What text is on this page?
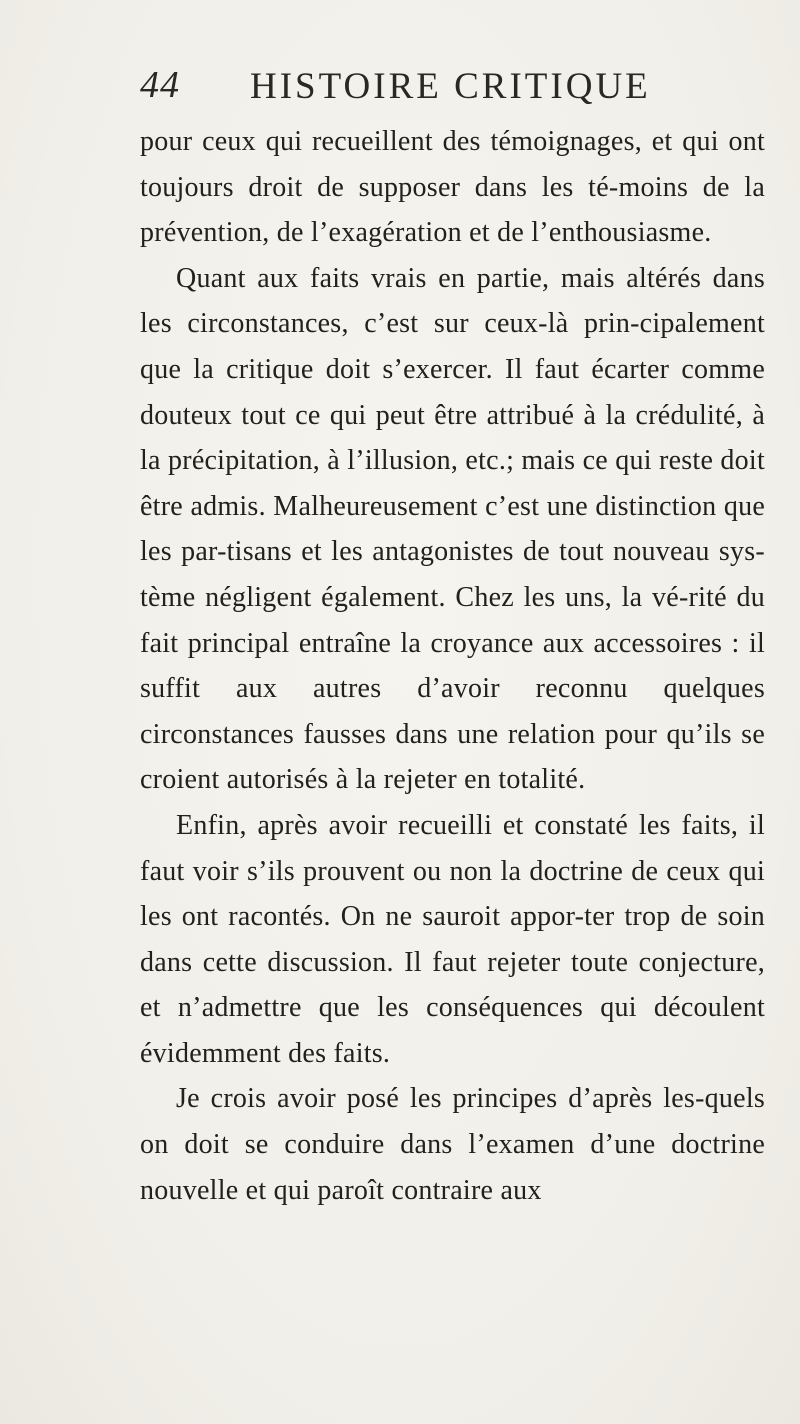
44 HISTOIRE CRITIQUE

pour ceux qui recueillent des témoignages, et qui ont toujours droit de supposer dans les té-moins de la prévention, de l’exagération et de l’enthousiasme.

Quant aux faits vrais en partie, mais altérés dans les circonstances, c’est sur ceux-là prin-cipalement que la critique doit s’exercer. Il faut écarter comme douteux tout ce qui peut être attribué à la crédulité, à la précipitation, à l’illusion, etc.; mais ce qui reste doit être admis. Malheureusement c’est une distinction que les par-tisans et les antagonistes de tout nouveau sys-tème négligent également. Chez les uns, la vé-rité du fait principal entraîne la croyance aux accessoires : il suffit aux autres d’avoir reconnu quelques circonstances fausses dans une relation pour qu’ils se croient autorisés à la rejeter en totalité.

Enfin, après avoir recueilli et constaté les faits, il faut voir s’ils prouvent ou non la doctrine de ceux qui les ont racontés. On ne sauroit appor-ter trop de soin dans cette discussion. Il faut rejeter toute conjecture, et n’admettre que les conséquences qui découlent évidemment des faits.

Je crois avoir posé les principes d’après les-quels on doit se conduire dans l’examen d’une doctrine nouvelle et qui paroît contraire aux
